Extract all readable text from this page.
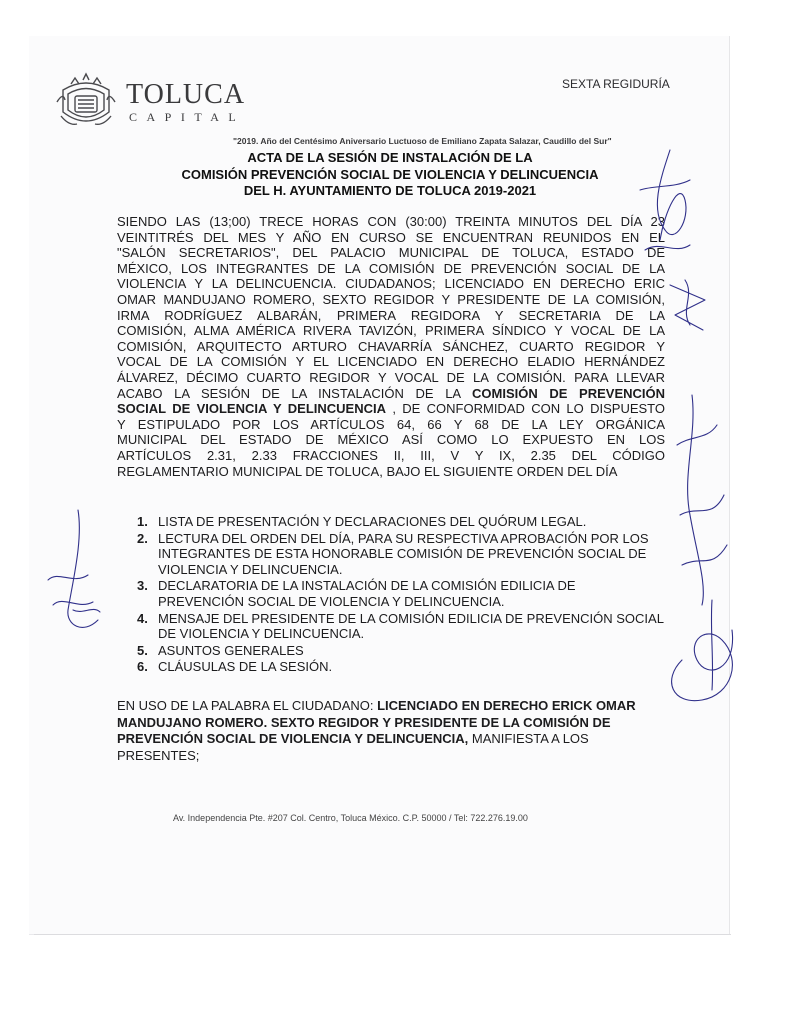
TOLUCA
CAPITAL
SEXTA REGIDURÍA
"2019. Año del Centésimo Aniversario Luctuoso de Emiliano Zapata Salazar, Caudillo del Sur"
ACTA DE LA SESIÓN DE INSTALACIÓN DE LA
COMISIÓN PREVENCIÓN SOCIAL DE VIOLENCIA Y DELINCUENCIA
DEL H. AYUNTAMIENTO DE TOLUCA 2019-2021
SIENDO LAS (13;00) TRECE HORAS CON (30:00) TREINTA MINUTOS DEL DÍA 23
VEINTITRÉS DEL MES Y AÑO EN CURSO SE ENCUENTRAN REUNIDOS EN EL
"SALÓN SECRETARIOS", DEL PALACIO MUNICIPAL DE TOLUCA, ESTADO DE
MÉXICO, LOS INTEGRANTES DE LA COMISIÓN DE PREVENCIÓN SOCIAL DE LA
VIOLENCIA Y LA DELINCUENCIA. CIUDADANOS; LICENCIADO EN DERECHO ERIC
OMAR MANDUJANO ROMERO, SEXTO REGIDOR Y PRESIDENTE DE LA COMISIÓN,
IRMA RODRÍGUEZ ALBARÁN, PRIMERA REGIDORA Y SECRETARIA DE LA
COMISIÓN, ALMA AMÉRICA RIVERA TAVIZÓN, PRIMERA SÍNDICO Y VOCAL DE LA
COMISIÓN, ARQUITECTO ARTURO CHAVARRÍA SÁNCHEZ, CUARTO REGIDOR Y
VOCAL DE LA COMISIÓN Y EL LICENCIADO EN DERECHO ELADIO HERNÁNDEZ
ÁLVAREZ, DÉCIMO CUARTO REGIDOR Y VOCAL DE LA COMISIÓN. PARA LLEVAR
ACABO LA SESIÓN DE LA INSTALACIÓN DE LA COMISIÓN DE PREVENCIÓN
SOCIAL DE VIOLENCIA Y DELINCUENCIA , DE CONFORMIDAD CON LO DISPUESTO
Y ESTIPULADO POR LOS ARTÍCULOS 64, 66 Y 68 DE LA LEY ORGÁNICA
MUNICIPAL DEL ESTADO DE MÉXICO ASÍ COMO LO EXPUESTO EN LOS
ARTÍCULOS 2.31, 2.33 FRACCIONES II, III, V Y IX, 2.35 DEL CÓDIGO
REGLAMENTARIO MUNICIPAL DE TOLUCA, BAJO EL SIGUIENTE ORDEN DEL DÍA
1. LISTA DE PRESENTACIÓN Y DECLARACIONES DEL QUÓRUM LEGAL.
2. LECTURA DEL ORDEN DEL DÍA, PARA SU RESPECTIVA APROBACIÓN POR LOS INTEGRANTES DE ESTA HONORABLE COMISIÓN DE PREVENCIÓN SOCIAL DE VIOLENCIA Y DELINCUENCIA.
3. DECLARATORIA DE LA INSTALACIÓN DE LA COMISIÓN EDILICIA DE PREVENCIÓN SOCIAL DE VIOLENCIA Y DELINCUENCIA.
4. MENSAJE DEL PRESIDENTE DE LA COMISIÓN EDILICIA DE PREVENCIÓN SOCIAL DE VIOLENCIA Y DELINCUENCIA.
5. ASUNTOS GENERALES
6. CLÁUSULAS DE LA SESIÓN.
EN USO DE LA PALABRA EL CIUDADANO: LICENCIADO EN DERECHO ERICK OMAR MANDUJANO ROMERO. SEXTO REGIDOR Y PRESIDENTE DE LA COMISIÓN DE PREVENCIÓN SOCIAL DE VIOLENCIA Y DELINCUENCIA, MANIFIESTA A LOS PRESENTES;
Av. Independencia Pte. #207 Col. Centro, Toluca México. C.P. 50000 / Tel: 722.276.19.00
